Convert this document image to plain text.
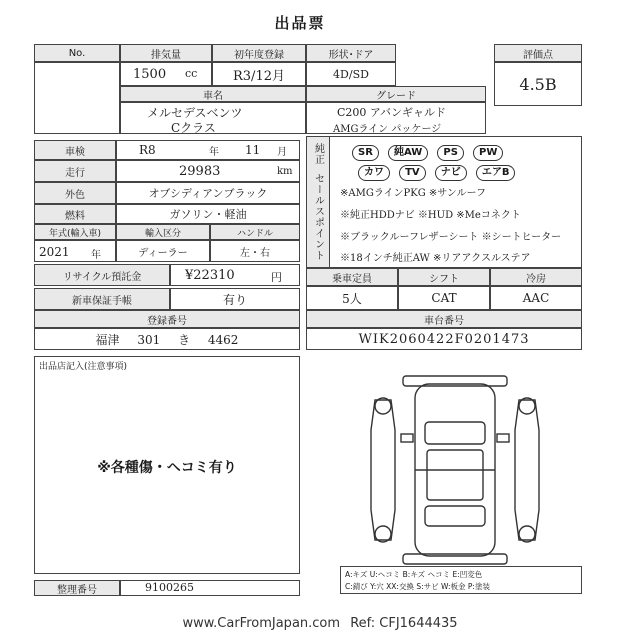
出品票
No.	排気量	初年度登録	形状･ドア	評価点
1500 cc	R3/12月	4D/SD
4.5B
車名	グレード
メルセデスベンツ
Cクラス
C200 アバンギャルド
AMGライン パッケージ
車検	R8	年 11 月
走行	29983	km
外色	オブシディアンブラック
燃料	ガソリン・軽油
年式(輸入車)	輸入区分	ハンドル
2021 年	ディーラー	左・右
リサイクル預託金	¥22310	円
新車保証手帳	有り
登録番号
福津 301 き 4462
純正
セールスポイント
SR 純AW PS PW
カワ TV ナビ エアB
※AMGラインPKG ※サンルーフ
※純正HDDナビ ※HUD ※Meコネクト
※ブラックルーフレザーシート ※シートヒーター
※18インチ純正AW ※リアアクスルステア
乗車定員	シフト	冷房
5人	CAT	AAC
車台番号
WIK2060422F0201473
出品店記入(注意事項)
※各種傷・ヘコミ有り
A:キズ U:ヘコミ B:キズ ヘコミ E:凹変色
C:錆び Y:穴 XX:交換 S:サビ W:板金 P:塗装
整理番号	9100265
www.CarFromJapan.com Ref: CFJ1644435
